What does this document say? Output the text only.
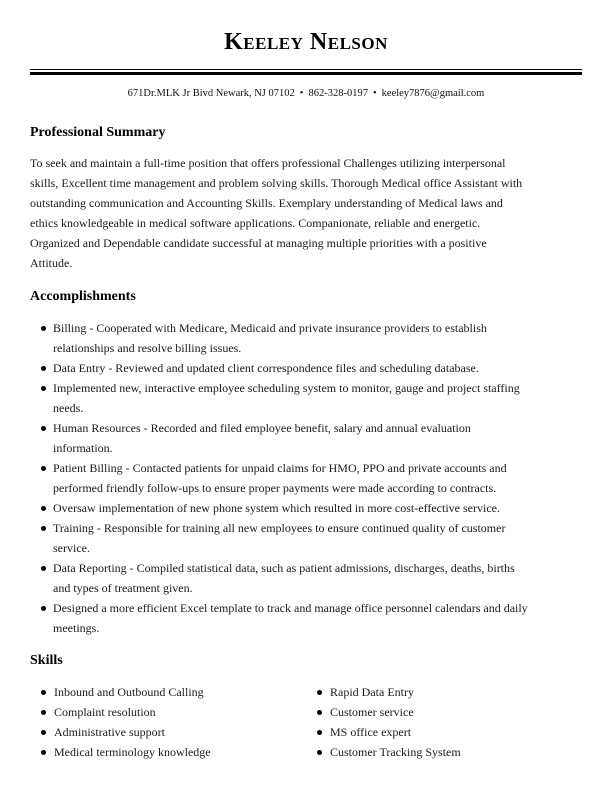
Keeley Nelson
671Dr.MLK Jr Bivd Newark, NJ 07102 • 862-328-0197 • keeley7876@gmail.com
Professional Summary
To seek and maintain a full-time position that offers professional Challenges utilizing interpersonal
skills, Excellent time management and problem solving skills. Thorough Medical office Assistant with
outstanding communication and Accounting Skills. Exemplary understanding of Medical laws and
ethics knowledgeable in medical software applications. Companionate, reliable and energetic.
Organized and Dependable candidate successful at managing multiple priorities with a positive
Attitude.
Accomplishments
Billing - Cooperated with Medicare, Medicaid and private insurance providers to establish
relationships and resolve billing issues.
Data Entry - Reviewed and updated client correspondence files and scheduling database.
Implemented new, interactive employee scheduling system to monitor, gauge and project staffing
needs.
Human Resources - Recorded and filed employee benefit, salary and annual evaluation
information.
Patient Billing - Contacted patients for unpaid claims for HMO, PPO and private accounts and
performed friendly follow-ups to ensure proper payments were made according to contracts.
Oversaw implementation of new phone system which resulted in more cost-effective service.
Training - Responsible for training all new employees to ensure continued quality of customer
service.
Data Reporting - Compiled statistical data, such as patient admissions, discharges, deaths, births
and types of treatment given.
Designed a more efficient Excel template to track and manage office personnel calendars and daily
meetings.
Skills
Inbound and Outbound Calling
Complaint resolution
Administrative support
Medical terminology knowledge
Rapid Data Entry
Customer service
MS office expert
Customer Tracking System
